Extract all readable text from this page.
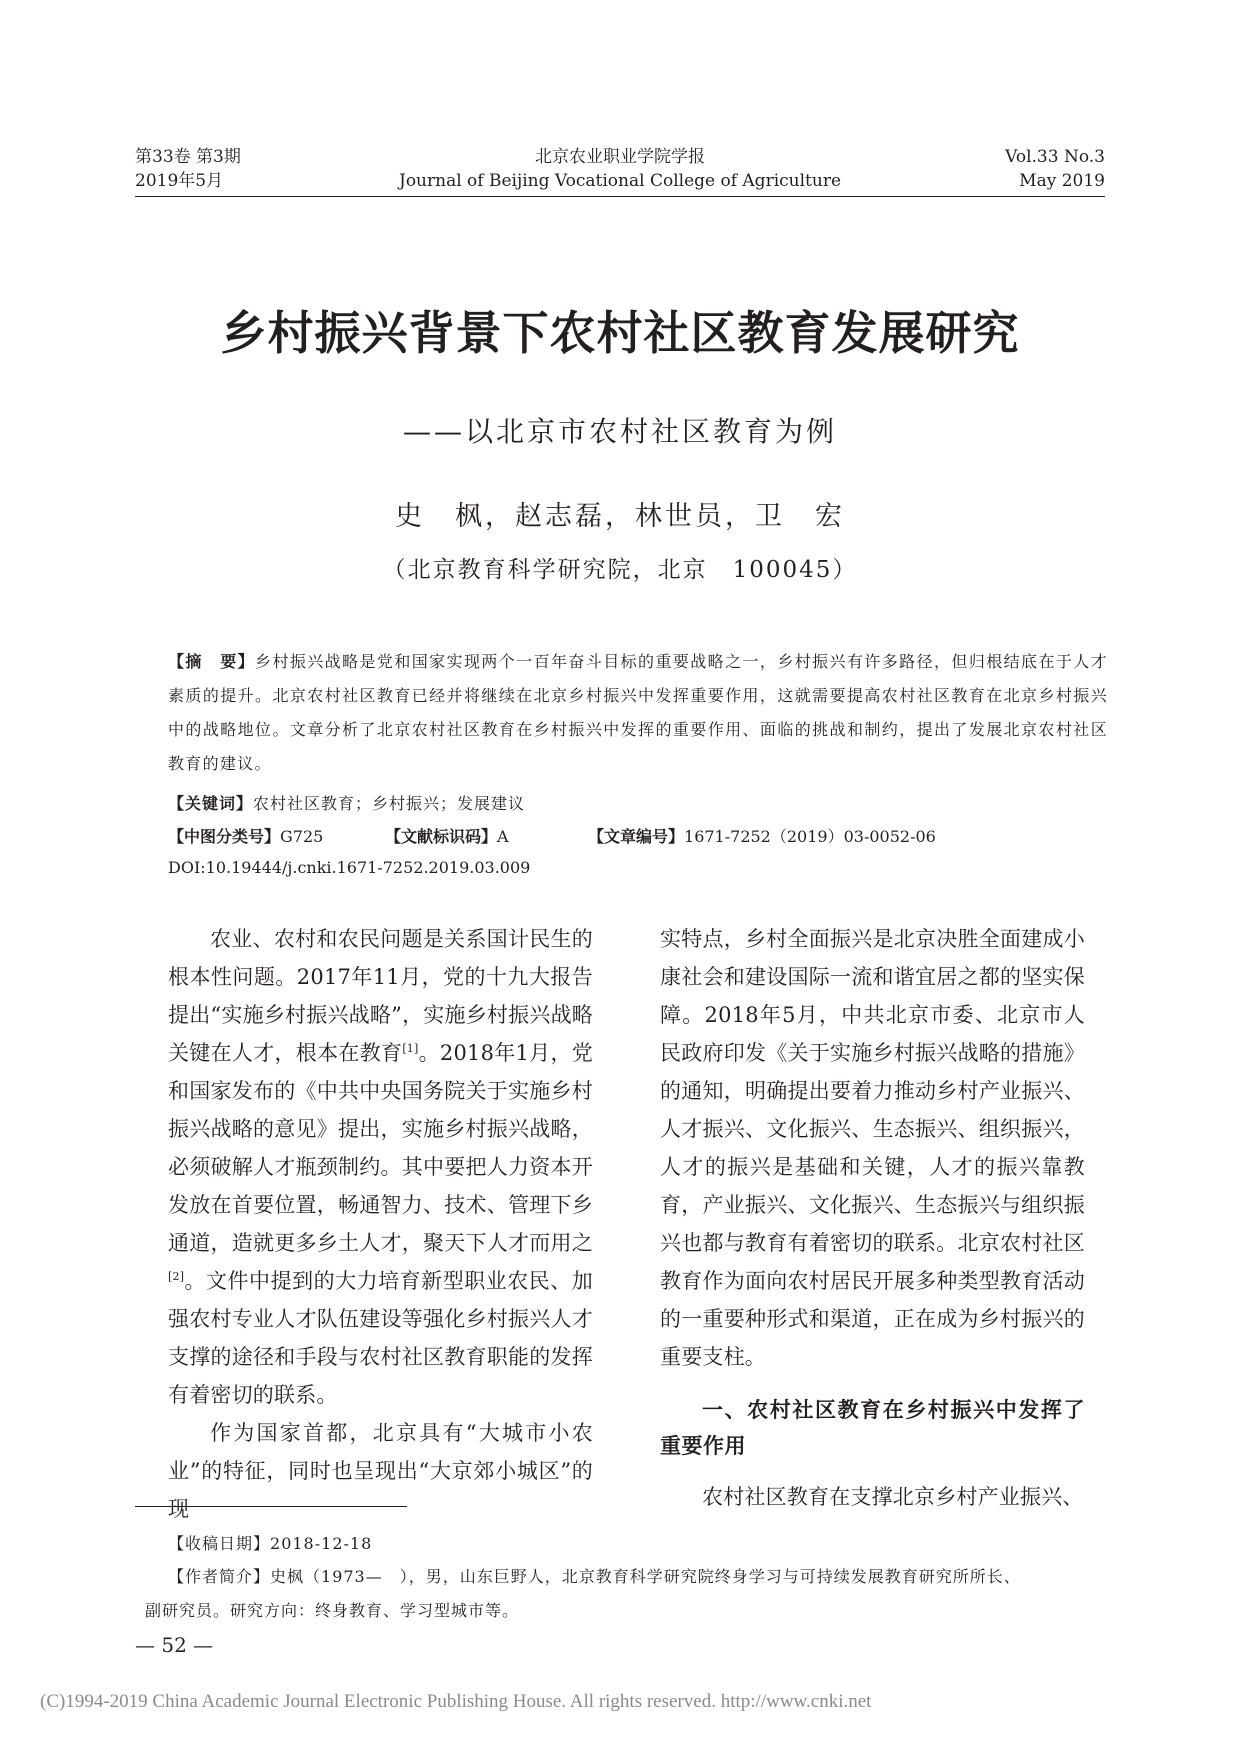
第33卷 第3期
2019年5月
北京农业职业学院学报
Journal of Beijing Vocational College of Agriculture
Vol.33 No.3
May 2019
乡村振兴背景下农村社区教育发展研究
——以北京市农村社区教育为例
史　枫，赵志磊，林世员，卫　宏
（北京教育科学研究院，北京　100045）
【摘　要】乡村振兴战略是党和国家实现两个一百年奋斗目标的重要战略之一，乡村振兴有许多路径，但归根结底在于人才素质的提升。北京农村社区教育已经并将继续在北京乡村振兴中发挥重要作用，这就需要提高农村社区教育在北京乡村振兴中的战略地位。文章分析了北京农村社区教育在乡村振兴中发挥的重要作用、面临的挑战和制约，提出了发展北京农村社区教育的建议。
【关键词】农村社区教育；乡村振兴；发展建议
【中图分类号】G725	【文献标识码】A	【文章编号】1671-7252（2019）03-0052-06
DOI:10.19444/j.cnki.1671-7252.2019.03.009

农业、农村和农民问题是关系国计民生的根本性问题。2017年11月，党的十九大报告提出“实施乡村振兴战略”，实施乡村振兴战略关键在人才，根本在教育[1]。2018年1月，党和国家发布的《中共中央国务院关于实施乡村振兴战略的意见》提出，实施乡村振兴战略，必须破解人才瓶颈制约。其中要把人力资本开发放在首要位置，畅通智力、技术、管理下乡通道，造就更多乡土人才，聚天下人才而用之[2]。文件中提到的大力培育新型职业农民、加强农村专业人才队伍建设等强化乡村振兴人才支撑的途径和手段与农村社区教育职能的发挥有着密切的联系。

作为国家首都，北京具有“大城市小农业”的特征，同时也呈现出“大京郊小城区”的现

实特点，乡村全面振兴是北京决胜全面建成小康社会和建设国际一流和谐宜居之都的坚实保障。2018年5月，中共北京市委、北京市人民政府印发《关于实施乡村振兴战略的措施》的通知，明确提出要着力推动乡村产业振兴、人才振兴、文化振兴、生态振兴、组织振兴，人才的振兴是基础和关键，人才的振兴靠教育，产业振兴、文化振兴、生态振兴与组织振兴也都与教育有着密切的联系。北京农村社区教育作为面向农村居民开展多种类型教育活动的一重要种形式和渠道，正在成为乡村振兴的重要支柱。

一、农村社区教育在乡村振兴中发挥了重要作用

农村社区教育在支撑北京乡村产业振兴、

【收稿日期】2018-12-18
【作者简介】史枫（1973—　），男，山东巨野人，北京教育科学研究院终身学习与可持续发展教育研究所所长、
副研究员。研究方向：终身教育、学习型城市等。
— 52 —
(C)1994-2019 China Academic Journal Electronic Publishing House. All rights reserved. http://www.cnki.net
